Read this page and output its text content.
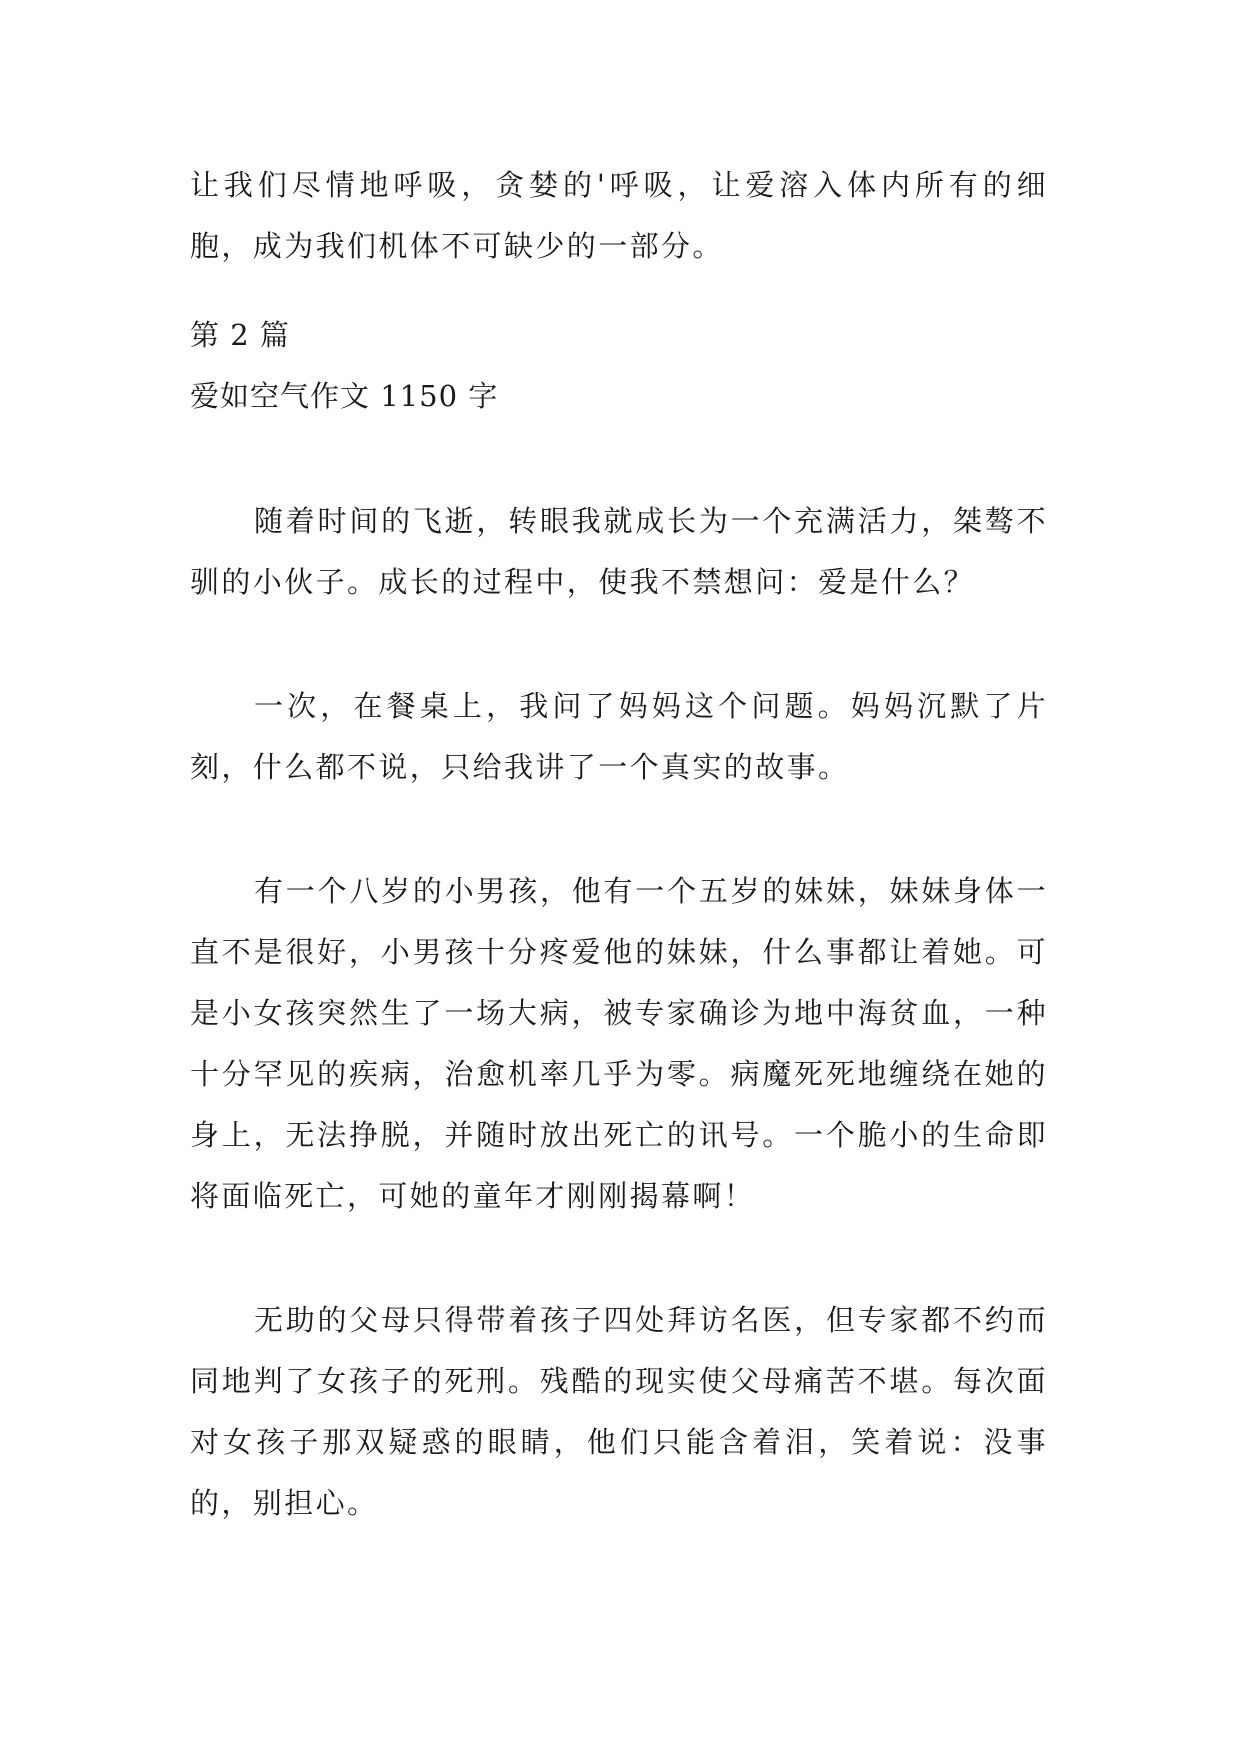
让我们尽情地呼吸，贪婪的'呼吸，让爱溶入体内所有的细胞，成为我们机体不可缺少的一部分。

第 2 篇

爱如空气作文 1150 字

随着时间的飞逝，转眼我就成长为一个充满活力，桀骜不驯的小伙子。成长的过程中，使我不禁想问：爱是什么？

一次，在餐桌上，我问了妈妈这个问题。妈妈沉默了片刻，什么都不说，只给我讲了一个真实的故事。

有一个八岁的小男孩，他有一个五岁的妹妹，妹妹身体一直不是很好，小男孩十分疼爱他的妹妹，什么事都让着她。可是小女孩突然生了一场大病，被专家确诊为地中海贫血，一种十分罕见的疾病，治愈机率几乎为零。病魔死死地缠绕在她的身上，无法挣脱，并随时放出死亡的讯号。一个脆小的生命即将面临死亡，可她的童年才刚刚揭幕啊！

无助的父母只得带着孩子四处拜访名医，但专家都不约而同地判了女孩子的死刑。残酷的现实使父母痛苦不堪。每次面对女孩子那双疑惑的眼睛，他们只能含着泪，笑着说：没事的，别担心。
